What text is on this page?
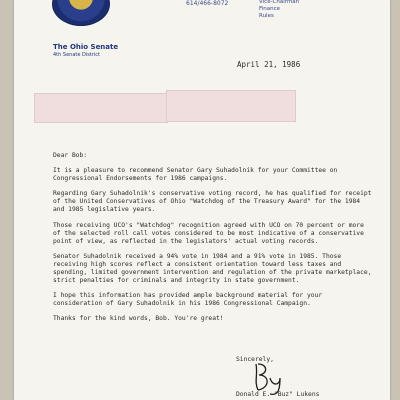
614/466-8072	Vice-Chairman
Finance
Rules
The Ohio Senate
4th Senate District
April 21, 1986

Dear Bob:

It is a pleasure to recommend Senator Gary Suhadolnik for your Committee on Congressional Endorsements for 1986 campaigns.

Regarding Gary Suhadolnik's conservative voting record, he has qualified for receipt of the United Conservatives of Ohio "Watchdog of the Treasury Award" for the 1984 and 1985 legislative years.

Those receiving UCO's "Watchdog" recognition agreed with UCO on 70 percent or more of the selected roll call votes considered to be most indicative of a conservative point of view, as reflected in the legislators' actual voting records.

Senator Suhadolnik received a 94% vote in 1984 and a 91% vote in 1985. Those receiving high scores reflect a consistent orientation toward less taxes and spending, limited government intervention and regulation of the private marketplace, strict penalties for criminals and integrity in state government.

I hope this information has provided ample background material for your consideration of Gary Suhadolnik in his 1986 Congressional Campaign.

Thanks for the kind words, Bob. You're great!

Sincerely,
Donald E. "Buz" Lukens
